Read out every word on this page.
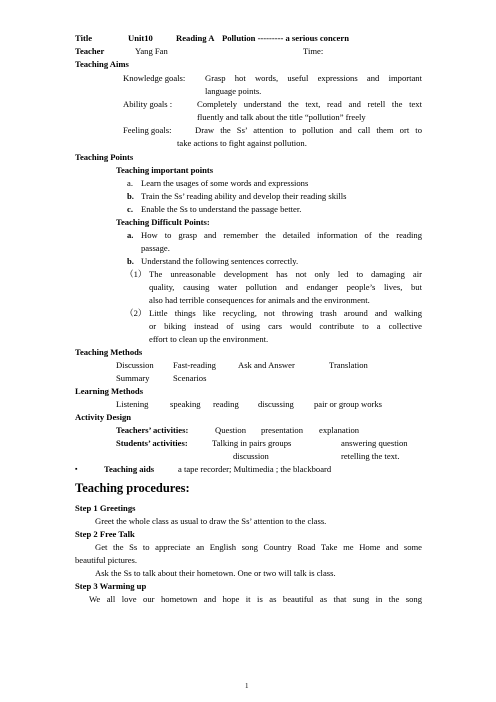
Title	Unit10	Reading A Pollution --------- a serious concern
Teacher	Yang Fan	Time:
Teaching Aims
Knowledge goals: Grasp hot words, useful expressions and important
language points.
Ability goals :	Completely understand the text, read and retell the text
fluently and talk about the title “pollution” freely
Feeling goals:	Draw the Ss’ attention to pollution and call them ort to
take actions to fight against pollution.
Teaching Points
Teaching important points
a. Learn the usages of some words and expressions
b. Train the Ss’ reading ability and develop their reading skills
c. Enable the Ss to understand the passage better.
Teaching Difficult Points:
a. How to grasp and remember the detailed information of the reading
passage.
b. Understand the following sentences correctly.
（1） The unreasonable development has not only led to damaging air
quality, causing water pollution and endanger people’s lives, but
also had terrible consequences for animals and the environment.
（2） Little things like recycling, not throwing trash around and walking
or biking instead of using cars would contribute to a collective
effort to clean up the environment.
Teaching Methods
Discussion Fast-reading	Ask and Answer	Translation
Summary	Scenarios
Learning Methods
Listening	speaking reading discussing pair or group works
Activity Design
Teachers’ activities:	Question presentation explanation
Students’ activities:	Talking in pairs groups	answering question
discussion	retelling the text.
▪	Teaching aids	a tape recorder; Multimedia ; the blackboard
Teaching procedures:
Step 1 Greetings
Greet the whole class as usual to draw the Ss’ attention to the class.
Step 2 Free Talk
Get the Ss to appreciate an English song Country Road Take me Home and some
beautiful pictures.
Ask the Ss to talk about their hometown. One or two will talk is class.
Step 3 Warming up
We all love our hometown and hope it is as beautiful as that sung in the song
1
